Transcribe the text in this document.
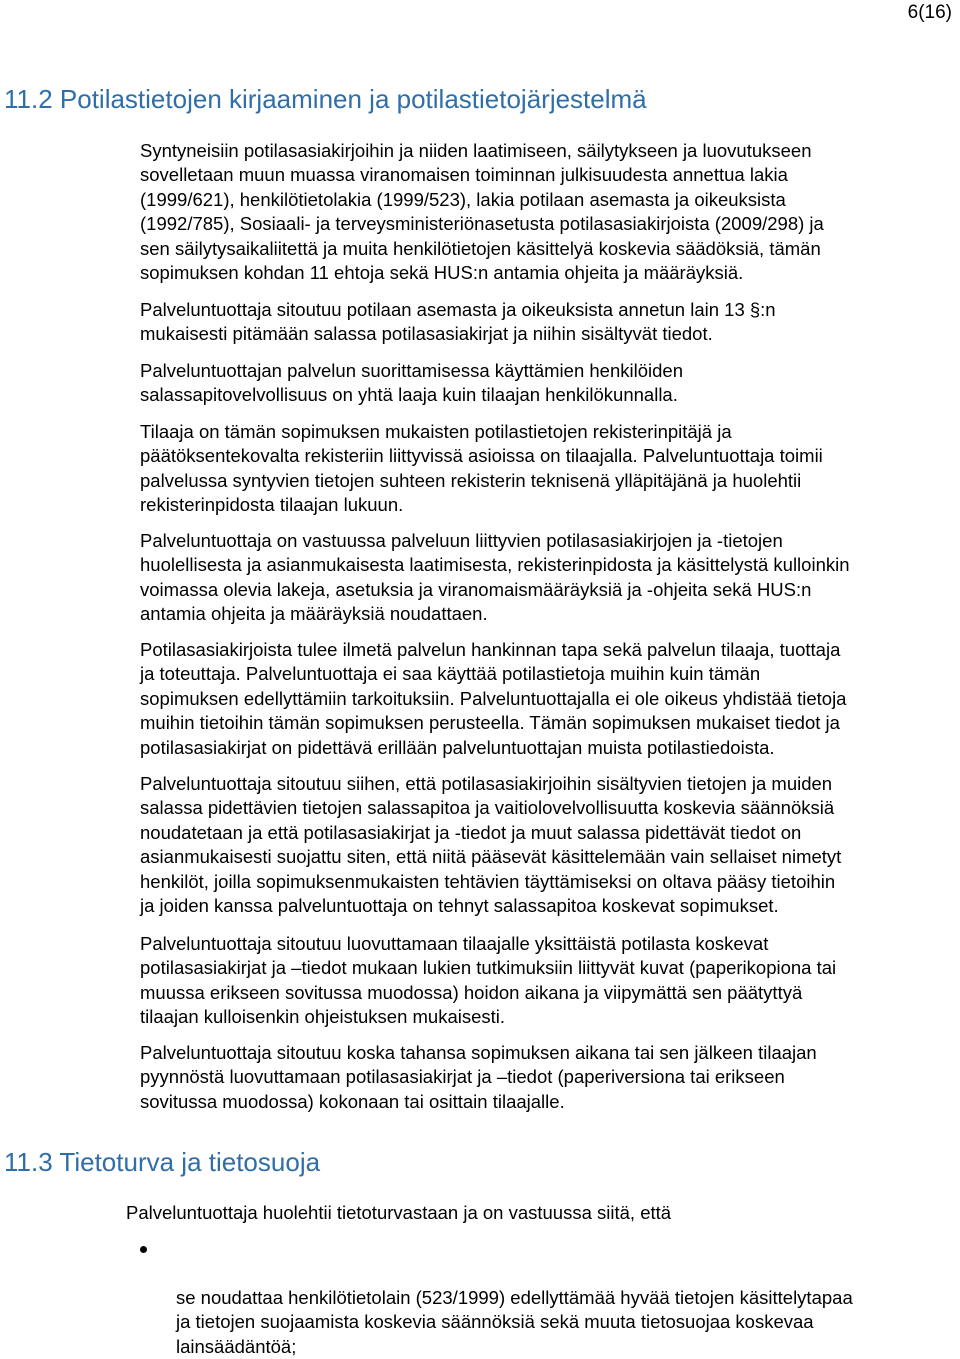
6(16)
11.2 Potilastietojen kirjaaminen ja potilastietojärjestelmä

Syntyneisiin potilasasiakirjoihin ja niiden laatimiseen, säilytykseen ja luovutukseen
sovelletaan muun muassa viranomaisen toiminnan julkisuudesta annettua lakia
(1999/621), henkilötietolakia (1999/523), lakia potilaan asemasta ja oikeuksista
(1992/785), Sosiaali- ja terveysministeriönasetusta potilasasiakirjoista (2009/298) ja
sen säilytysaikaliitettä ja muita henkilötietojen käsittelyä koskevia säädöksiä, tämän
sopimuksen kohdan 11 ehtoja sekä HUS:n antamia ohjeita ja määräyksiä.

Palveluntuottaja sitoutuu potilaan asemasta ja oikeuksista annetun lain 13 §:n
mukaisesti pitämään salassa potilasasiakirjat ja niihin sisältyvät tiedot.

Palveluntuottajan palvelun suorittamisessa käyttämien henkilöiden
salassapitovelvollisuus on yhtä laaja kuin tilaajan henkilökunnalla.

Tilaaja on tämän sopimuksen mukaisten potilastietojen rekisterinpitäjä ja
päätöksentekovalta rekisteriin liittyvissä asioissa on tilaajalla. Palveluntuottaja toimii
palvelussa syntyvien tietojen suhteen rekisterin teknisenä ylläpitäjänä ja huolehtii
rekisterinpidosta tilaajan lukuun.

Palveluntuottaja on vastuussa palveluun liittyvien potilasasiakirjojen ja -tietojen
huolellisesta ja asianmukaisesta laatimisesta, rekisterinpidosta ja käsittelystä kulloinkin
voimassa olevia lakeja, asetuksia ja viranomaismääräyksiä ja -ohjeita sekä HUS:n
antamia ohjeita ja määräyksiä noudattaen.

Potilasasiakirjoista tulee ilmetä palvelun hankinnan tapa sekä palvelun tilaaja, tuottaja
ja toteuttaja. Palveluntuottaja ei saa käyttää potilastietoja muihin kuin tämän
sopimuksen edellyttämiin tarkoituksiin. Palveluntuottajalla ei ole oikeus yhdistää tietoja
muihin tietoihin tämän sopimuksen perusteella. Tämän sopimuksen mukaiset tiedot ja
potilasasiakirjat on pidettävä erillään palveluntuottajan muista potilastiedoista.

Palveluntuottaja sitoutuu siihen, että potilasasiakirjoihin sisältyvien tietojen ja muiden
salassa pidettävien tietojen salassapitoa ja vaitiolovelvollisuutta koskevia säännöksiä
noudatetaan ja että potilasasiakirjat ja -tiedot ja muut salassa pidettävät tiedot on
asianmukaisesti suojattu siten, että niitä pääsevät käsittelemään vain sellaiset nimetyt
henkilöt, joilla sopimuksenmukaisten tehtävien täyttämiseksi on oltava pääsy tietoihin
ja joiden kanssa palveluntuottaja on tehnyt salassapitoa koskevat sopimukset.

Palveluntuottaja sitoutuu luovuttamaan tilaajalle yksittäistä potilasta koskevat
potilasasiakirjat ja –tiedot mukaan lukien tutkimuksiin liittyvät kuvat (paperikopiona tai
muussa erikseen sovitussa muodossa) hoidon aikana ja viipymättä sen päätyttyä
tilaajan kulloisenkin ohjeistuksen mukaisesti.

Palveluntuottaja sitoutuu koska tahansa sopimuksen aikana tai sen jälkeen tilaajan
pyynnöstä luovuttamaan potilasasiakirjat ja –tiedot (paperiversiona tai erikseen
sovitussa muodossa) kokonaan tai osittain tilaajalle.

11.3 Tietoturva ja tietosuoja

Palveluntuottaja huolehtii tietoturvastaan ja on vastuussa siitä, että

se noudattaa henkilötietolain (523/1999) edellyttämää hyvää tietojen käsittelytapaa
ja tietojen suojaamista koskevia säännöksiä sekä muuta tietosuojaa koskevaa
lainsäädäntöä;
